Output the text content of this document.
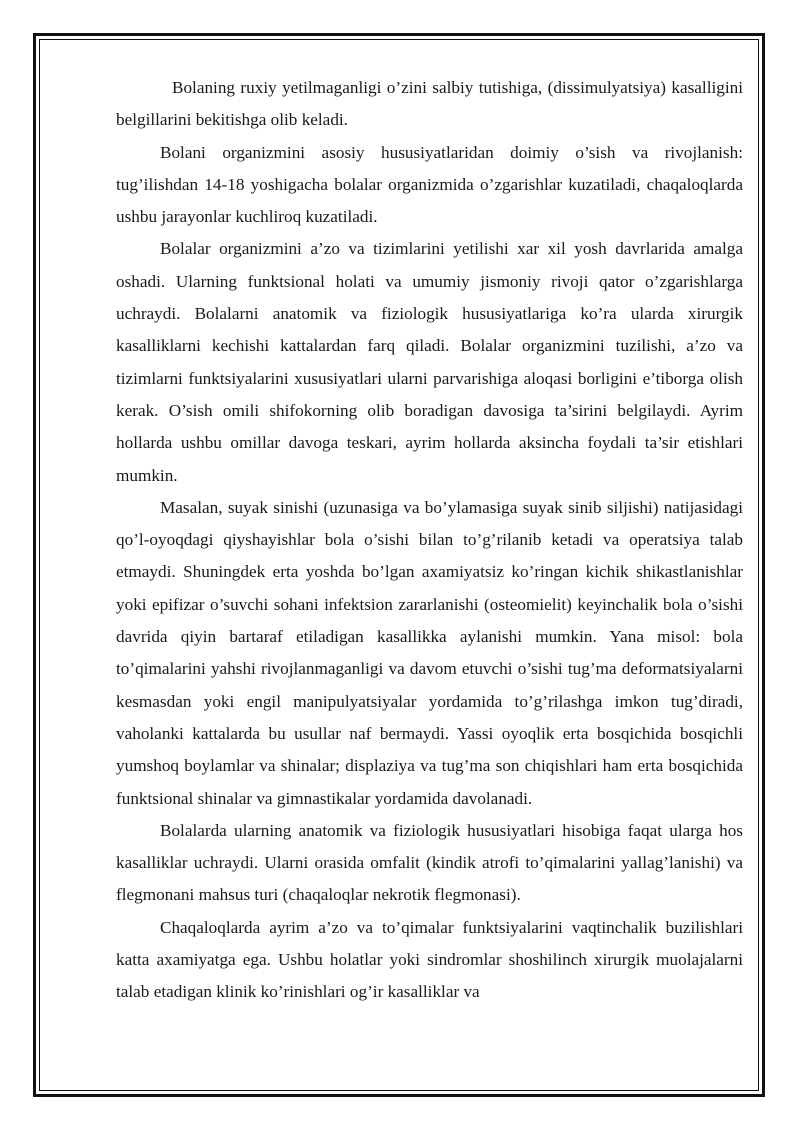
Bolaning ruxiy yetilmaganligi o’zini salbiy tutishiga, (dissimulyatsiya) kasalligini belgillarini bekitishga olib keladi.

Bolani organizmini asosiy hususiyatlaridan doimiy o’sish va rivojlanish: tug’ilishdan 14-18 yoshigacha bolalar organizmida o’zgarishlar kuzatiladi, chaqaloqlarda ushbu jarayonlar kuchliroq kuzatiladi.

Bolalar organizmini a’zo va tizimlarini yetilishi xar xil yosh davrlarida amalga oshadi. Ularning funktsional holati va umumiy jismoniy rivoji qator o’zgarishlarga uchraydi. Bolalarni anatomik va fiziologik hususiyatlariga ko’ra ularda xirurgik kasalliklarni kechishi kattalardan farq qiladi. Bolalar organizmini tuzilishi, a’zo va tizimlarni funktsiyalarini xususiyatlari ularni parvarishiga aloqasi borligini e’tiborga olish kerak. O’sish omili shifokorning olib boradigan davosiga ta’sirini belgilaydi. Ayrim hollarda ushbu omillar davoga teskari, ayrim hollarda aksincha foydali ta’sir etishlari mumkin.

Masalan, suyak sinishi (uzunasiga va bo’ylamasiga suyak sinib siljishi) natijasidagi qo’l-oyoqdagi qiyshayishlar bola o’sishi bilan to’g’rilanib ketadi va operatsiya talab etmaydi. Shuningdek erta yoshda bo’lgan axamiyatsiz ko’ringan kichik shikastlanishlar yoki epifizar o’suvchi sohani infektsion zararlanishi (osteomielit) keyinchalik bola o’sishi davrida qiyin bartaraf etiladigan kasallikka aylanishi mumkin. Yana misol: bola to’qimalarini yahshi rivojlanmaganligi va davom etuvchi o’sishi tug’ma deformatsiyalarni kesmasdan yoki engil manipulyatsiyalar yordamida to’g’rilashga imkon tug’diradi, vaholanki kattalarda bu usullar naf bermaydi. Yassi oyoqlik erta bosqichida bosqichli yumshoq boylamlar va shinalar; displaziya va tug’ma son chiqishlari ham erta bosqichida funktsional shinalar va gimnastikalar yordamida davolanadi.

Bolalarda ularning anatomik va fiziologik hususiyatlari hisobiga faqat ularga hos kasalliklar uchraydi. Ularni orasida omfalit (kindik atrofi to’qimalarini yallag’lanishi) va flegmonani mahsus turi (chaqaloqlar nekrotik flegmonasi).

Chaqaloqlarda ayrim a’zo va to’qimalar funktsiyalarini vaqtinchalik buzilishlari katta axamiyatga ega. Ushbu holatlar yoki sindromlar shoshilinch xirurgik muolajalarni talab etadigan klinik ko’rinishlari og’ir kasalliklar va
